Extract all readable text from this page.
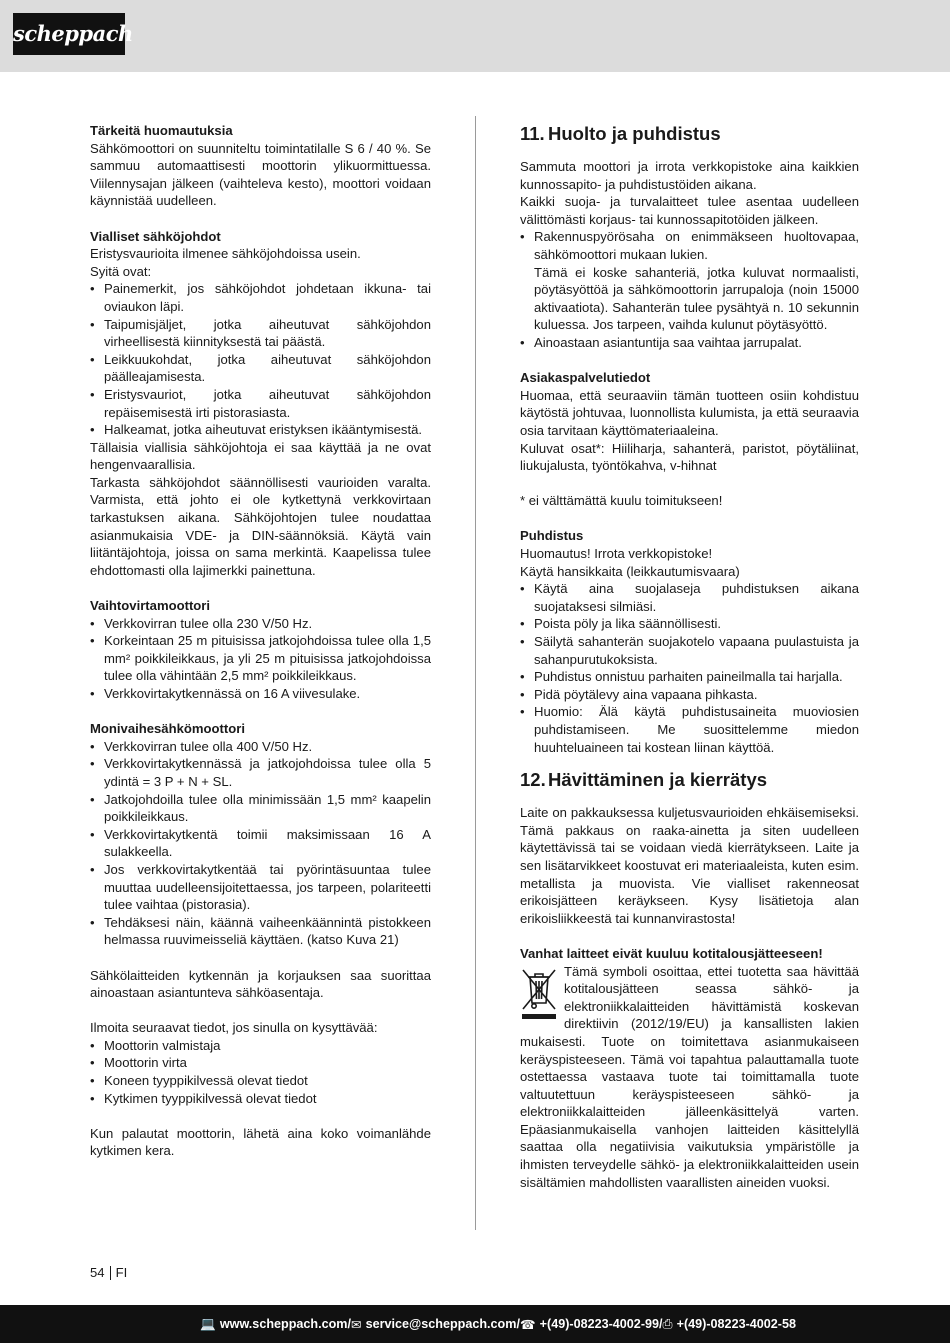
scheppach
Tärkeitä huomautuksia
Sähkömoottori on suunniteltu toimintatilalle S 6 / 40 %. Se sammuu automaattisesti moottorin ylikuormittuessa. Viilennysajan jälkeen (vaihteleva kesto), moottori voidaan käynnistää uudelleen.
Vialliset sähköjohdot
Eristysvaurioita ilmenee sähköjohdoissa usein.
Syitä ovat:
• Painemerkit, jos sähköjohdot johdetaan ikkuna- tai oviaukon läpi.
• Taipumisjäljet, jotka aiheutuvat sähköjohdon virheellisestä kiinnityksestä tai päästä.
• Leikkuukohdat, jotka aiheutuvat sähköjohdon päälleajamisesta.
• Eristysvauriot, jotka aiheutuvat sähköjohdon repäisemisestä irti pistorasiasta.
• Halkeamat, jotka aiheutuvat eristyksen ikääntymisestä.
Tällaisia viallisia sähköjohtoja ei saa käyttää ja ne ovat hengenvaarallisia.
Tarkasta sähköjohdot säännöllisesti vaurioiden varalta. Varmista, että johto ei ole kytkettynä verkkovirtaan tarkastuksen aikana. Sähköjohtojen tulee noudattaa asianmukaisia VDE- ja DIN-säännöksiä. Käytä vain liitäntäjohtoja, joissa on sama merkintä. Kaapelissa tulee ehdottomasti olla lajimerkki painettuna.
Vaihtovirtamoottori
• Verkkovirran tulee olla 230 V/50 Hz.
• Korkeintaan 25 m pituisissa jatkojohdoissa tulee olla 1,5 mm² poikkileikkaus, ja yli 25 m pituisissa jatkojohdoissa tulee olla vähintään 2,5 mm² poikkileikkaus.
• Verkkovirtakytkennässä on 16 A viivesulake.
Monivaihesähkömoottori
• Verkkovirran tulee olla 400 V/50 Hz.
• Verkkovirtakytkennässä ja jatkojohdoissa tulee olla 5 ydintä = 3 P + N + SL.
• Jatkojohdoilla tulee olla minimissään 1,5 mm² kaapelin poikkileikkaus.
• Verkkovirtakytkentä toimii maksimissaan 16 A sulakkeella.
• Jos verkkovirtakytkentää tai pyörintäsuuntaa tulee muuttaa uudelleensijoitettaessa, jos tarpeen, polariteetti tulee vaihtaa (pistorasia).
• Tehdäksesi näin, käännä vaiheenkäännintä pistokkeen helmassa ruuvimeisseliä käyttäen. (katso Kuva 21)
Sähkölaitteiden kytkennän ja korjauksen saa suorittaa ainoastaan asiantunteva sähköasentaja.
Ilmoita seuraavat tiedot, jos sinulla on kysyttävää:
• Moottorin valmistaja
• Moottorin virta
• Koneen tyyppikilvessä olevat tiedot
• Kytkimen tyyppikilvessä olevat tiedot
Kun palautat moottorin, lähetä aina koko voimanlähde kytkimen kera.
11. Huolto ja puhdistus
Sammuta moottori ja irrota verkkopistoke aina kaikkien kunnossapito- ja puhdistustöiden aikana.
Kaikki suoja- ja turvalaitteet tulee asentaa uudelleen välittömästi korjaus- tai kunnossapitotöiden jälkeen.
• Rakennuspyörösaha on enimmäkseen huoltovapaa, sähkömoottori mukaan lukien.
Tämä ei koske sahanteriä, jotka kuluvat normaalisti, pöytäsyöttöä ja sähkömoottorin jarrupaloja (noin 15000 aktivaatiota). Sahanterän tulee pysähtyä n. 10 sekunnin kuluessa. Jos tarpeen, vaihda kulunut pöytäsyöttö.
• Ainoastaan asiantuntija saa vaihtaa jarrupalat.
Asiakaspalvelutiedot
Huomaa, että seuraaviin tämän tuotteen osiin kohdistuu käytöstä johtuvaa, luonnollista kulumista, ja että seuraavia osia tarvitaan käyttömateriaaleina.
Kuluvat osat*: Hiiliharja, sahanterä, paristot, pöytäliinat, liukujalusta, työntökahva, v-hihnat
* ei välttämättä kuulu toimitukseen!
Puhdistus
Huomautus! Irrota verkkopistoke!
Käytä hansikkaita (leikkautumisvaara)
• Käytä aina suojalaseja puhdistuksen aikana suojataksesi silmiäsi.
• Poista pöly ja lika säännöllisesti.
• Säilytä sahanterän suojakotelo vapaana puulastuista ja sahanpurutukoksista.
• Puhdistus onnistuu parhaiten paineilmalla tai harjalla.
• Pidä pöytälevy aina vapaana pihkasta.
• Huomio: Älä käytä puhdistusaineita muoviosien puhdistamiseen. Me suosittelemme miedon huuhteluaineen tai kostean liinan käyttöä.
12. Hävittäminen ja kierrätys
Laite on pakkauksessa kuljetusvaurioiden ehkäisemiseksi. Tämä pakkaus on raaka-ainetta ja siten uudelleen käytettävissä tai se voidaan viedä kierrätykseen. Laite ja sen lisätarvikkeet koostuvat eri materiaaleista, kuten esim. metallista ja muovista. Vie vialliset rakenneosat erikoisjätteen keräykseen. Kysy lisätietoja alan erikoisliikkeestä tai kunnanvirastosta!
Vanhat laitteet eivät kuuluu kotitalousjätteeseen!
Tämä symboli osoittaa, ettei tuotetta saa hävittää kotitalousjätteen seassa sähkö- ja elektroniikkalaitteiden hävittämistä koskevan direktiivin (2012/19/EU) ja kansallisten lakien mukaisesti. Tuote on toimitettava asianmukaiseen keräyspisteeseen. Tämä voi tapahtua palauttamalla tuote ostettaessa vastaava tuote tai toimittamalla tuote valtuutettuun keräyspisteeseen sähkö- ja elektroniikkalaitteiden jälleenkäsittelyä varten. Epäasianmukaisella vanhojen laitteiden käsittelyllä saattaa olla negatiivisia vaikutuksia ympäristölle ja ihmisten terveydelle sähkö- ja elektroniikkalaitteiden usein sisältämien mahdollisten vaarallisten aineiden vuoksi.
54 FI
💻 www.scheppach.com / ✉ service@scheppach.com / ☎ +(49)-08223-4002-99 / ⎙ +(49)-08223-4002-58
